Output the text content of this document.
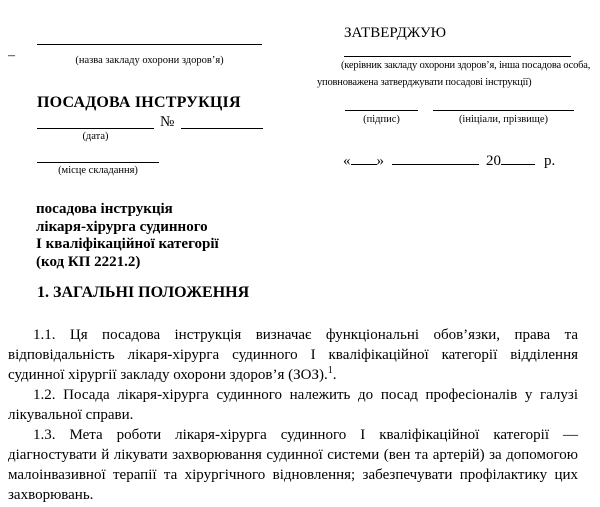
–	(назва закладу охорони здоров’я)
ЗАТВЕРДЖУЮ
(керівник закладу охорони здоров’я, інша посадова особа,
уповноважена затверджувати посадові інструкції)
ПОСАДОВА ІНСТРУКЦІЯ
№
(дата)
(місце складання)
(підпис)	(ініціали, прізвище)
« »	20	р.
посадова інструкція
лікаря-хірурга судинного
І кваліфікаційної категорії
(код КП 2221.2)
1. ЗАГАЛЬНІ ПОЛОЖЕННЯ

1.1. Ця посадова інструкція визначає функціональні обов’язки, права та відповідальність лікаря-хірурга судинного І кваліфікаційної категорії відділення судинної хірургії закладу охорони здоров’я (ЗОЗ).$^1$.

1.2. Посада лікаря-хірурга судинного належить до посад професіоналів у галузі лікувальної справи.

1.3. Мета роботи лікаря-хірурга судинного І кваліфікаційної категорії — діагностувати й лікувати захворювання судинної системи (вен та артерій) за допомогою малоінвазивної терапії та хірургічного відновлення; забезпечувати профілактику цих захворювань.
